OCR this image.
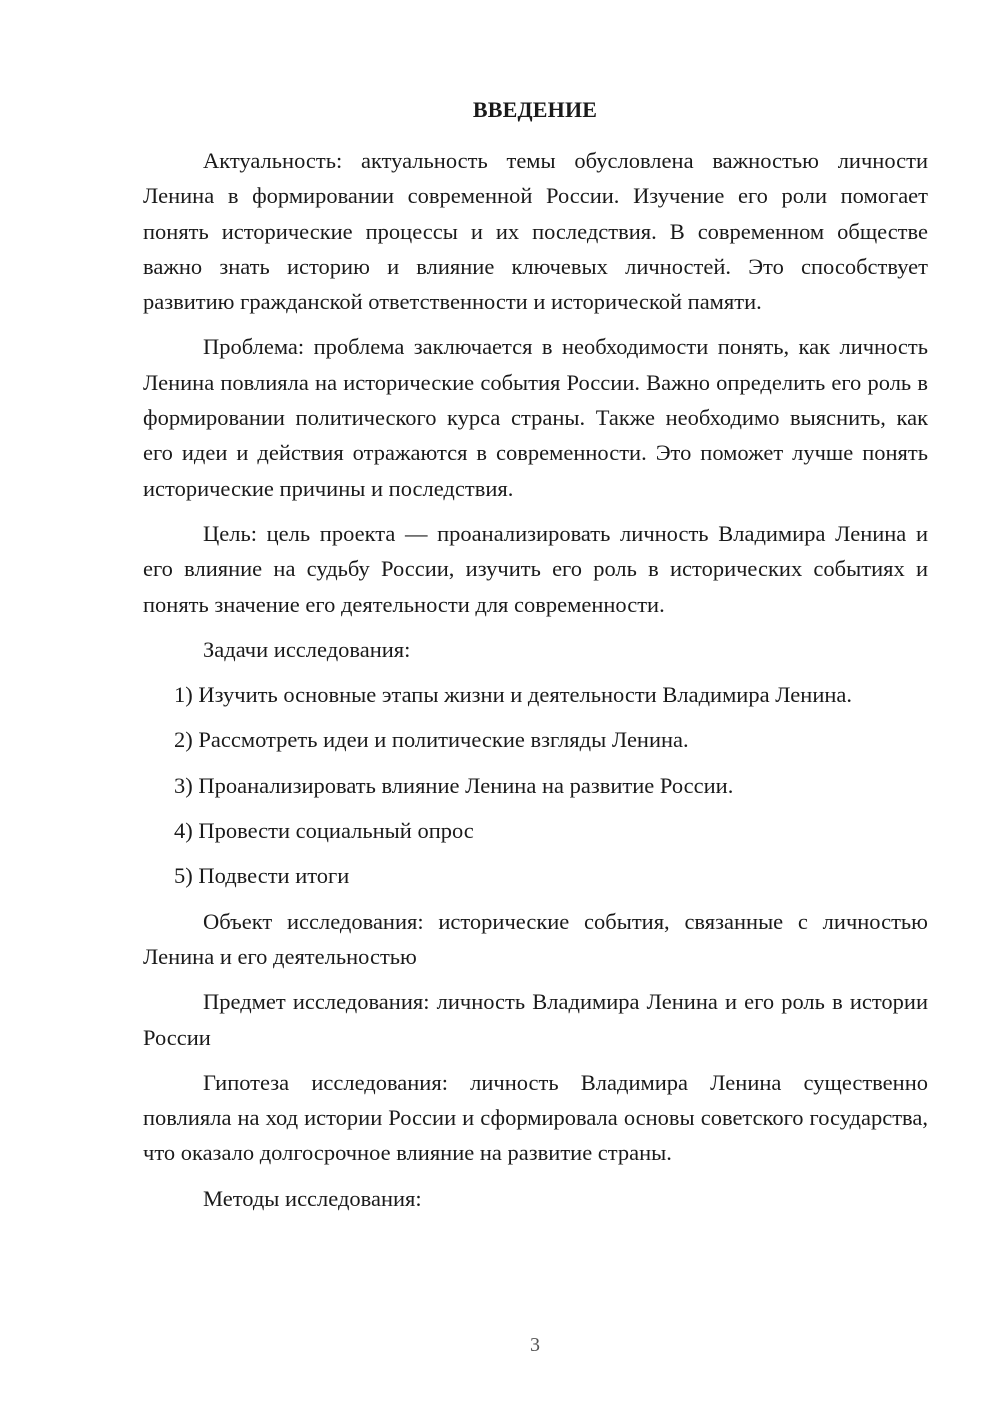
ВВЕДЕНИЕ

Актуальность: актуальность темы обусловлена важностью личности Ленина в формировании современной России. Изучение его роли помогает понять исторические процессы и их последствия. В современном обществе важно знать историю и влияние ключевых личностей. Это способствует развитию гражданской ответственности и исторической памяти.

Проблема: проблема заключается в необходимости понять, как личность Ленина повлияла на исторические события России. Важно определить его роль в формировании политического курса страны. Также необходимо выяснить, как его идеи и действия отражаются в современности. Это поможет лучше понять исторические причины и последствия.

Цель: цель проекта — проанализировать личность Владимира Ленина и его влияние на судьбу России, изучить его роль в исторических событиях и понять значение его деятельности для современности.

Задачи исследования:

1) Изучить основные этапы жизни и деятельности Владимира Ленина.

2) Рассмотреть идеи и политические взгляды Ленина.

3) Проанализировать влияние Ленина на развитие России.

4) Провести социальный опрос

5) Подвести итоги

Объект исследования: исторические события, связанные с личностью Ленина и его деятельностью

Предмет исследования: личность Владимира Ленина и его роль в истории России

Гипотеза исследования: личность Владимира Ленина существенно повлияла на ход истории России и сформировала основы советского государства, что оказало долгосрочное влияние на развитие страны.

Методы исследования:

3
